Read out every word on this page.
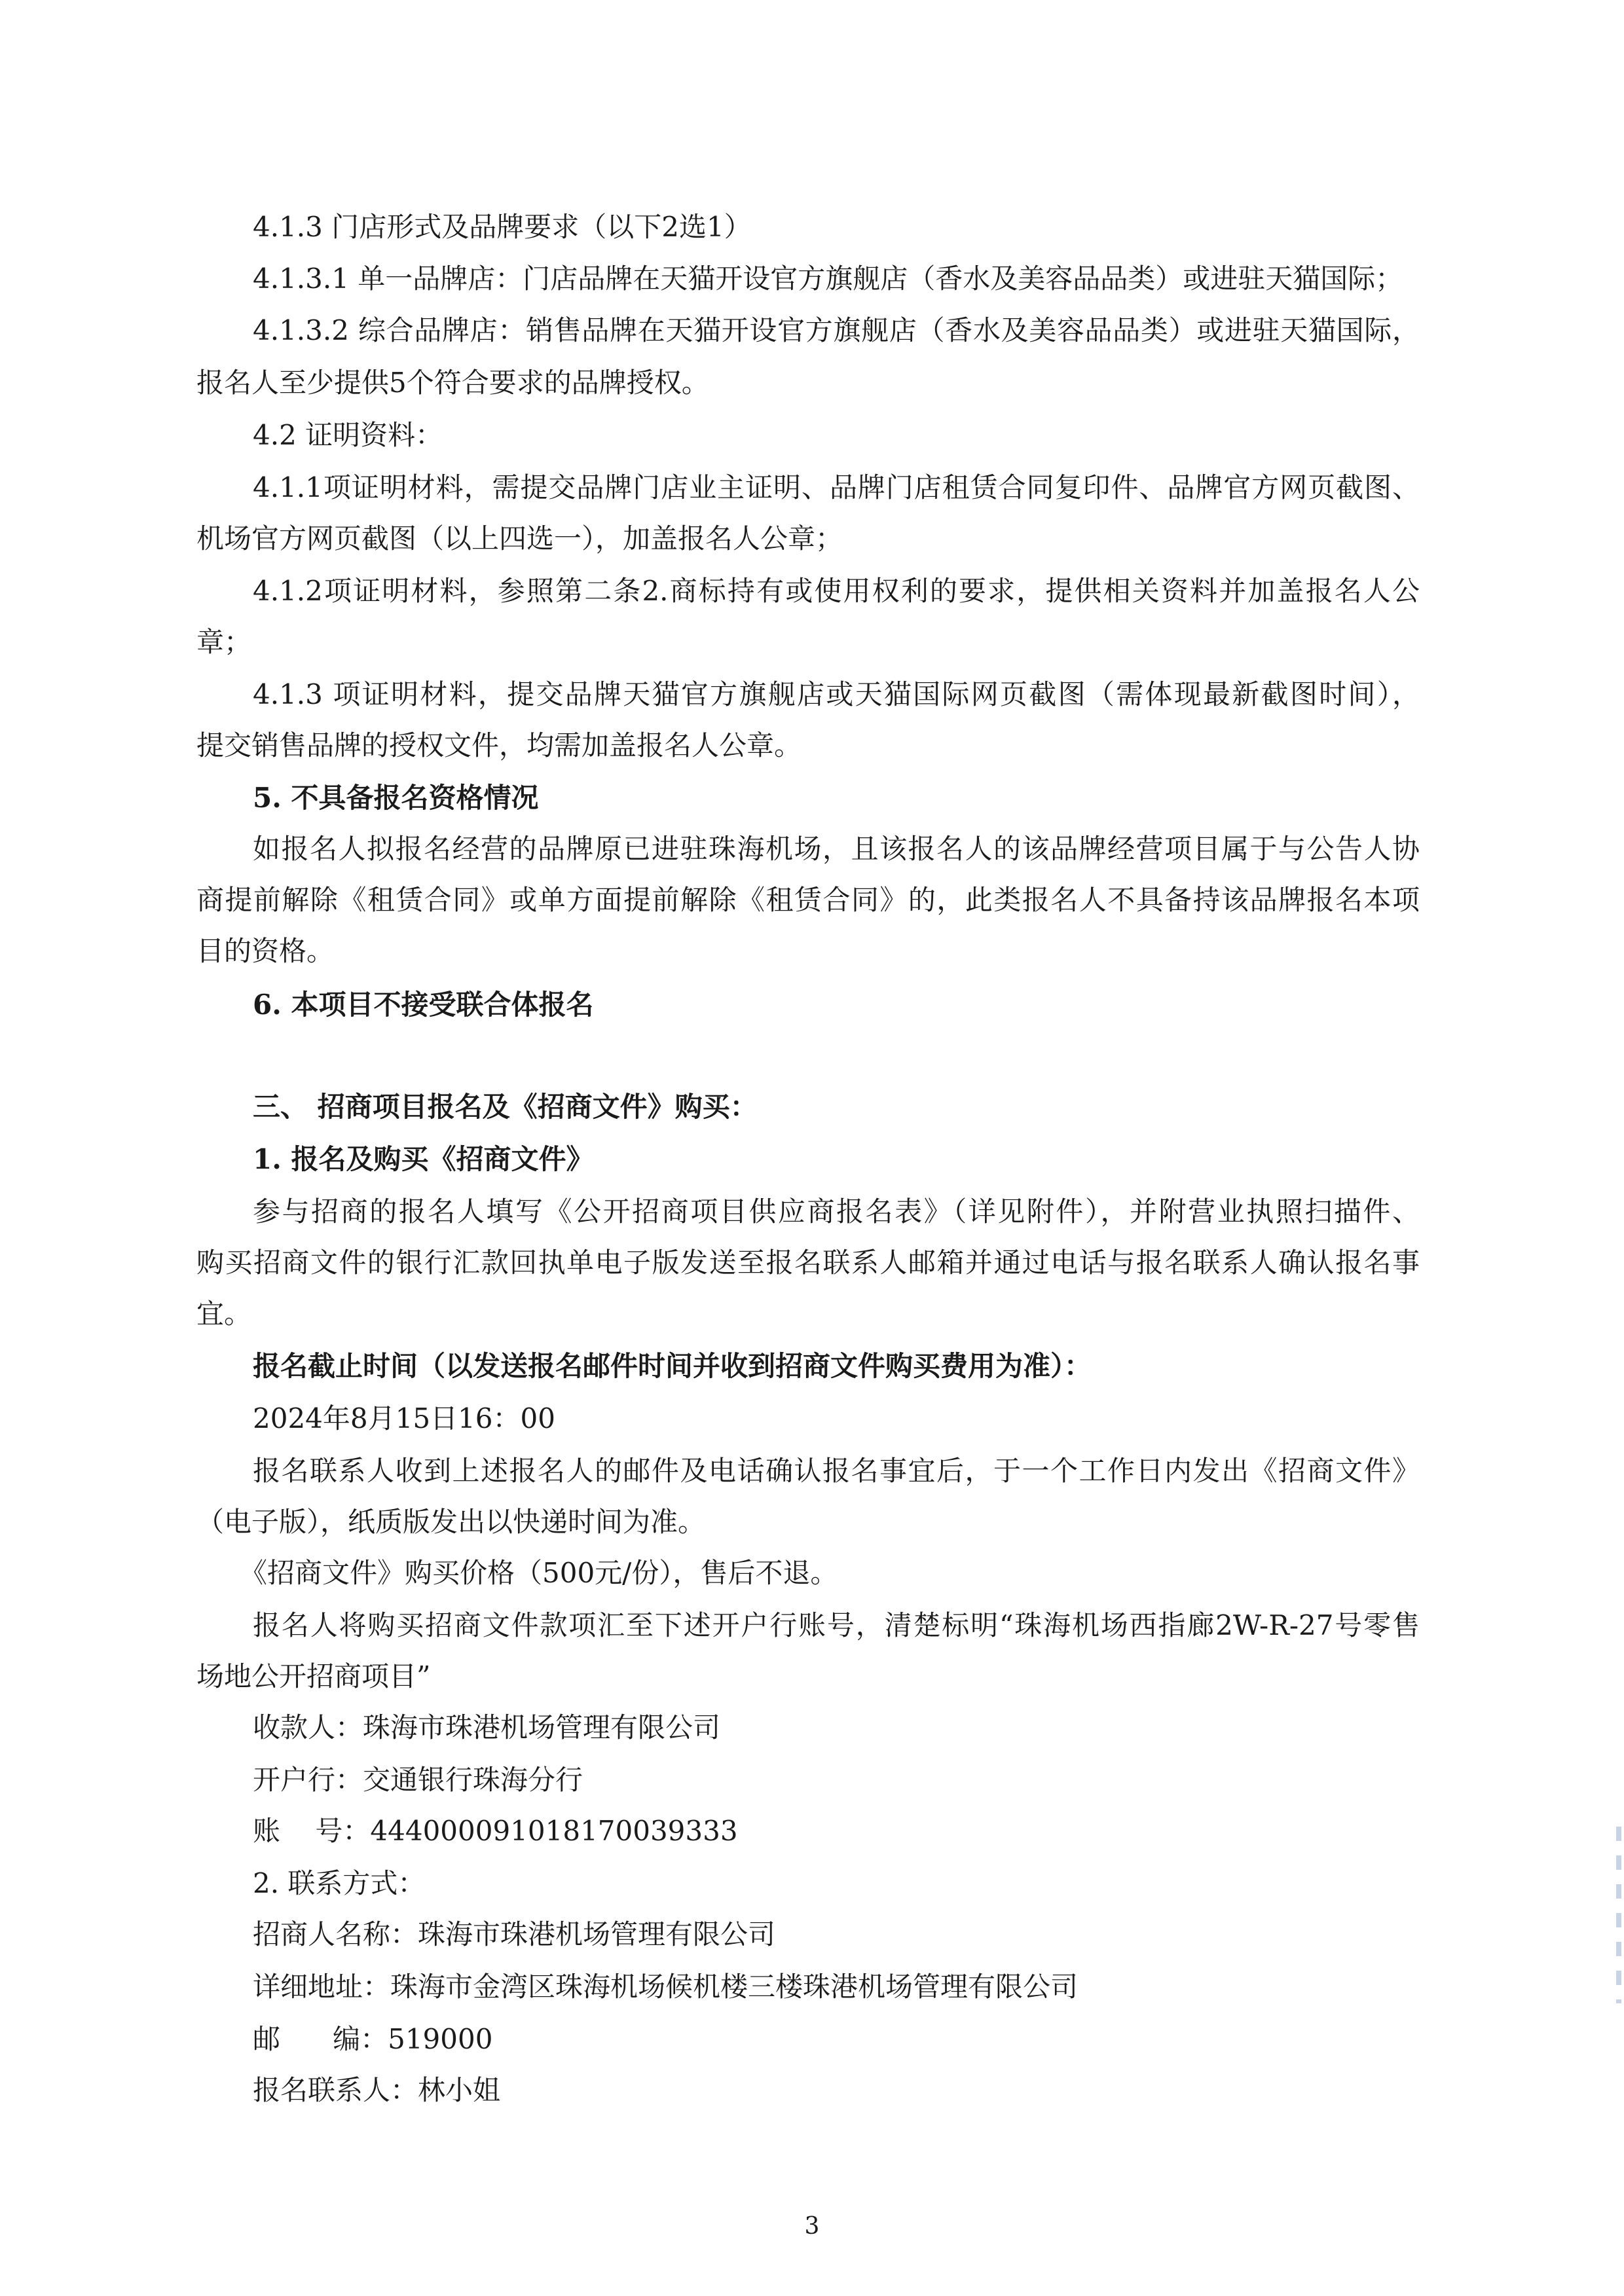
4.1.3 门店形式及品牌要求（以下2选1）
4.1.3.1 单一品牌店：门店品牌在天猫开设官方旗舰店（香水及美容品品类）或进驻天猫国际；
4.1.3.2 综合品牌店：销售品牌在天猫开设官方旗舰店（香水及美容品品类）或进驻天猫国际，
报名人至少提供5个符合要求的品牌授权。
4.2 证明资料：
4.1.1项证明材料，需提交品牌门店业主证明、品牌门店租赁合同复印件、品牌官方网页截图、
机场官方网页截图（以上四选一），加盖报名人公章；
4.1.2项证明材料，参照第二条2.商标持有或使用权利的要求，提供相关资料并加盖报名人公
章；
4.1.3 项证明材料，提交品牌天猫官方旗舰店或天猫国际网页截图（需体现最新截图时间），
提交销售品牌的授权文件，均需加盖报名人公章。
5. 不具备报名资格情况
如报名人拟报名经营的品牌原已进驻珠海机场，且该报名人的该品牌经营项目属于与公告人协
商提前解除《租赁合同》或单方面提前解除《租赁合同》的，此类报名人不具备持该品牌报名本项
目的资格。
6. 本项目不接受联合体报名
三、 招商项目报名及《招商文件》购买：
1. 报名及购买《招商文件》
参与招商的报名人填写《公开招商项目供应商报名表》（详见附件），并附营业执照扫描件、
购买招商文件的银行汇款回执单电子版发送至报名联系人邮箱并通过电话与报名联系人确认报名事
宜。
报名截止时间（以发送报名邮件时间并收到招商文件购买费用为准）：
2024年8月15日16：00
报名联系人收到上述报名人的邮件及电话确认报名事宜后，于一个工作日内发出《招商文件》
（电子版），纸质版发出以快递时间为准。
《招商文件》购买价格（500元/份），售后不退。
报名人将购买招商文件款项汇至下述开户行账号，清楚标明“珠海机场西指廊2W-R-27号零售
场地公开招商项目”
收款人：珠海市珠港机场管理有限公司
开户行：交通银行珠海分行
账    号：444000091018170039333
2. 联系方式：
招商人名称：珠海市珠港机场管理有限公司
详细地址：珠海市金湾区珠海机场候机楼三楼珠港机场管理有限公司
邮      编：519000
报名联系人：林小姐
3
